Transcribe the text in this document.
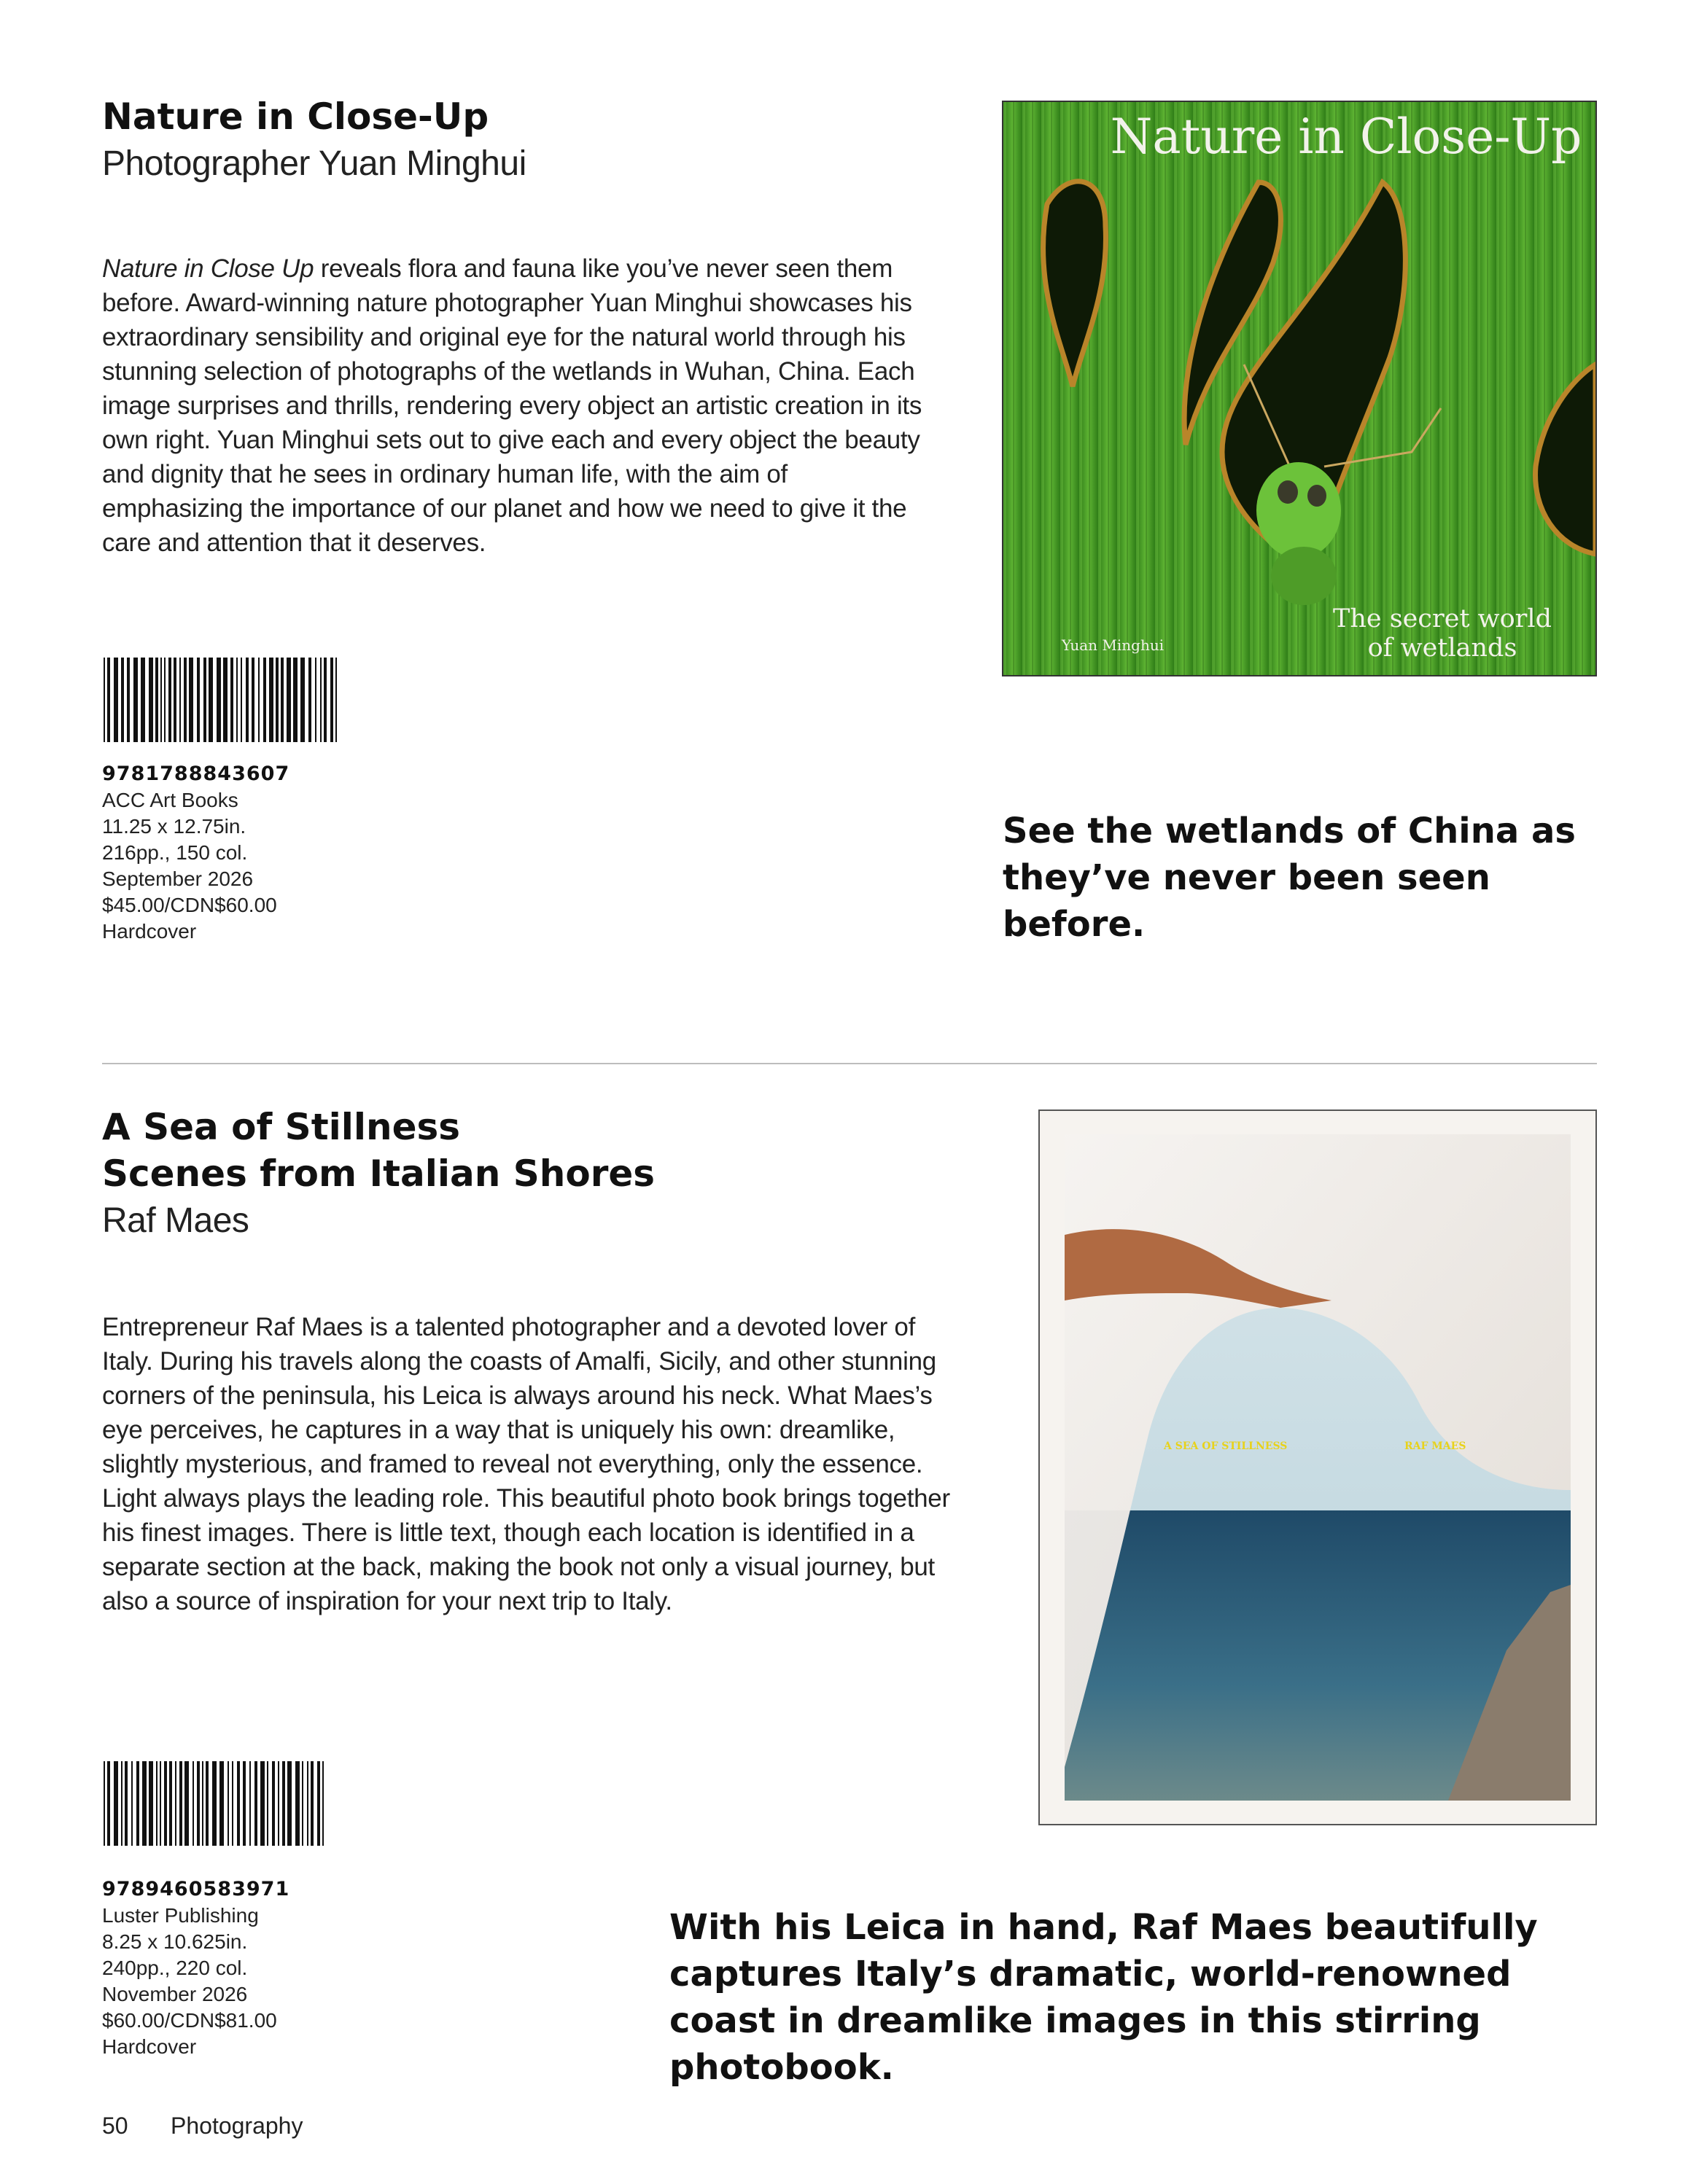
Nature in Close-Up
Photographer Yuan Minghui

Nature in Close Up reveals flora and fauna like you’ve never seen them before. Award-winning nature photographer Yuan Minghui showcases his extraordinary sensibility and original eye for the natural world through his stunning selection of photographs of the wetlands in Wuhan, China. Each image surprises and thrills, rendering every object an artistic creation in its own right. Yuan Minghui sets out to give each and every object the beauty and dignity that he sees in ordinary human life, with the aim of emphasizing the importance of our planet and how we need to give it the care and attention that it deserves.

9781788843607
ACC Art Books
11.25 x 12.75in.
216pp., 150 col.
September 2026
$45.00/CDN$60.00
Hardcover
Nature in Close-Up
Yuan Minghui
The secret world
of wetlands
See the wetlands of China as they’ve never been seen before.
A Sea of Stillness
Scenes from Italian Shores
Raf Maes

Entrepreneur Raf Maes is a talented photographer and a devoted lover of Italy. During his travels along the coasts of Amalfi, Sicily, and other stunning corners of the peninsula, his Leica is always around his neck. What Maes’s eye perceives, he captures in a way that is uniquely his own: dreamlike, slightly mysterious, and framed to reveal not everything, only the essence. Light always plays the leading role. This beautiful photo book brings together his finest images. There is little text, though each location is identified in a separate section at the back, making the book not only a visual journey, but also a source of inspiration for your next trip to Italy.

9789460583971
Luster Publishing
8.25 x 10.625in.
240pp., 220 col.
November 2026
$60.00/CDN$81.00
Hardcover
A SEA OF STILLNESS	RAF MAES
With his Leica in hand, Raf Maes beautifully captures Italy’s dramatic, world-renowned coast in dreamlike images in this stirring photobook.
50 Photography
